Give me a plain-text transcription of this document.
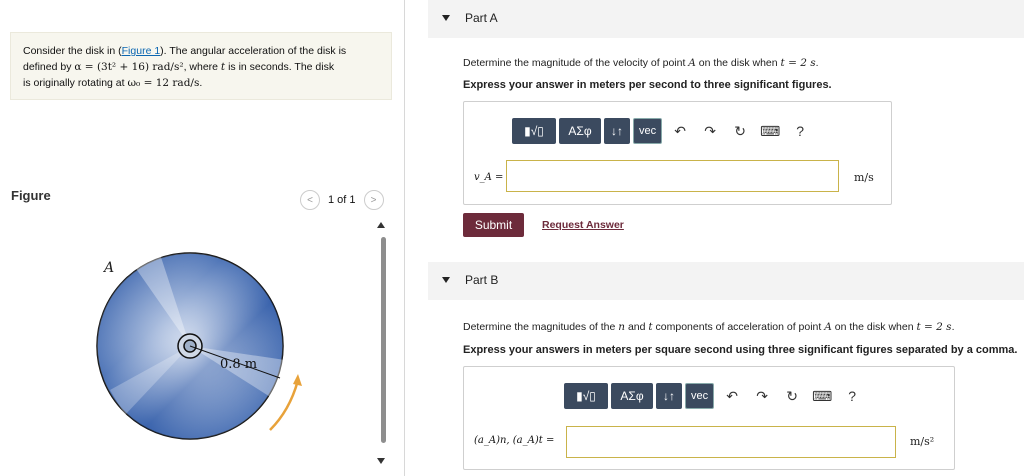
Consider the disk in (Figure 1). The angular acceleration of the disk is
defined by α = (3t² + 16) rad/s², where t is in seconds. The disk
is originally rotating at ω₀ = 12 rad/s.
Figure	<	1 of 1	>
A
0.8 m
Part A
Determine the magnitude of the velocity of point A on the disk when t = 2 s.
Express your answer in meters per second to three significant figures.
▮√▯	ΑΣφ	↓↑	vec	↶	↷	↻	⌨	?
v_A =	m/s
Submit	Request Answer
Part B
Determine the magnitudes of the n and t components of acceleration of point A on the disk when t = 2 s.
Express your answers in meters per square second using three significant figures separated by a comma.
▮√▯	ΑΣφ	↓↑	vec	↶	↷	↻	⌨	?
(a_A)n, (a_A)t =	m/s²
